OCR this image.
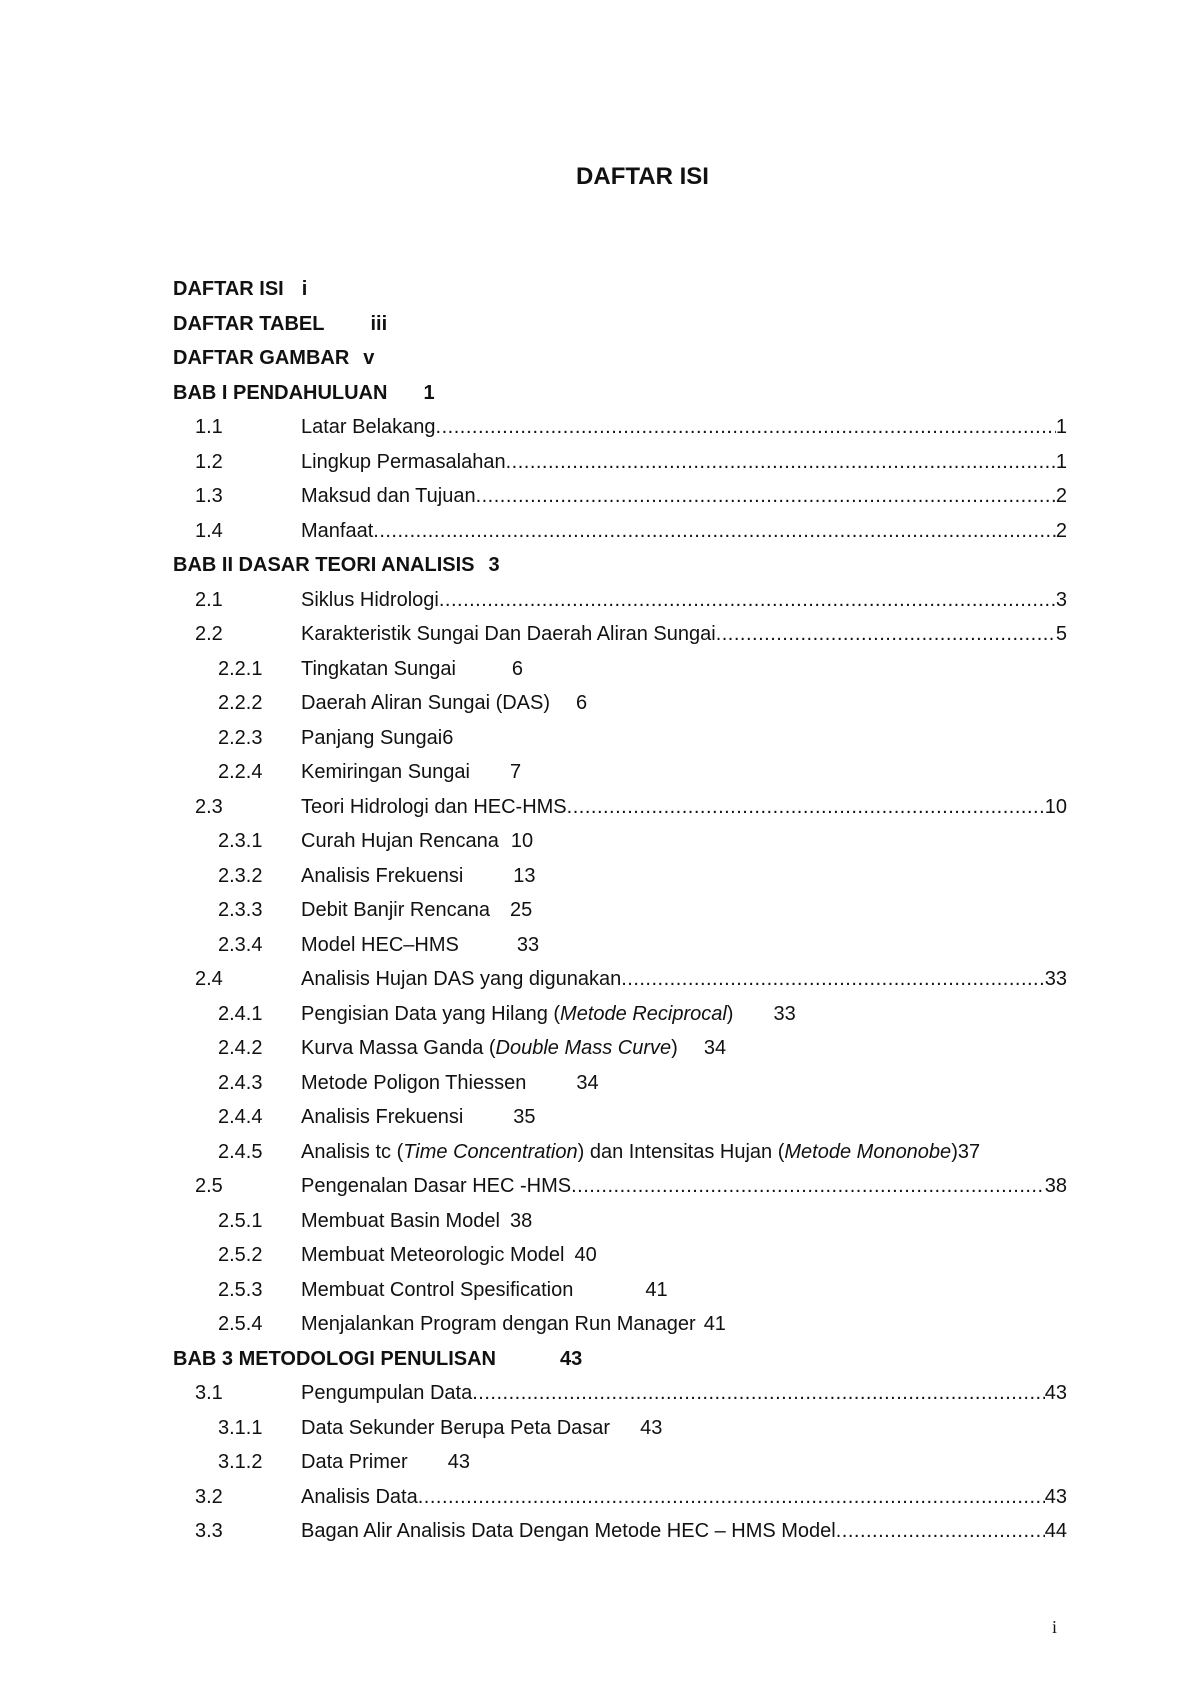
DAFTAR ISI
DAFTAR ISI i
DAFTAR TABEL iii
DAFTAR GAMBAR v
BAB I PENDAHULUAN 1
1.1	Latar Belakang .....	1
1.2	Lingkup Permasalahan .....	1
1.3	Maksud dan Tujuan .....	2
1.4	Manfaat .....	2
BAB II DASAR TEORI ANALISIS 3
2.1	Siklus Hidrologi .....	3
2.2	Karakteristik Sungai Dan Daerah Aliran Sungai .....	5
2.2.1 Tingkatan Sungai	6
2.2.2 Daerah Aliran Sungai (DAS) 6
2.2.3 Panjang Sungai6
2.2.4 Kemiringan Sungai 7
2.3	Teori Hidrologi dan HEC-HMS .....	10
2.3.1 Curah Hujan Rencana 10
2.3.2 Analisis Frekuensi	13
2.3.3 Debit Banjir Rencana 25
2.3.4 Model HEC–HMS	33
2.4	Analisis Hujan DAS yang digunakan .....	33
2.4.1 Pengisian Data yang Hilang (Metode Reciprocal) 33
2.4.2 Kurva Massa Ganda (Double Mass Curve) 34
2.4.3 Metode Poligon Thiessen	34
2.4.4 Analisis Frekuensi	35
2.4.5 Analisis tc (Time Concentration) dan Intensitas Hujan (Metode Mononobe)37
2.5	Pengenalan Dasar HEC -HMS .....	38
2.5.1 Membuat Basin Model 38
2.5.2 Membuat Meteorologic Model 40
2.5.3 Membuat Control Spesification	41
2.5.4 Menjalankan Program dengan Run Manager 41
BAB 3 METODOLOGI PENULISAN	43
3.1	Pengumpulan Data .....	43
3.1.1 Data Sekunder Berupa Peta Dasar 43
3.1.2 Data Primer 43
3.2	Analisis Data .....	43
3.3	Bagan Alir Analisis Data Dengan Metode HEC – HMS Model .....	44
i
